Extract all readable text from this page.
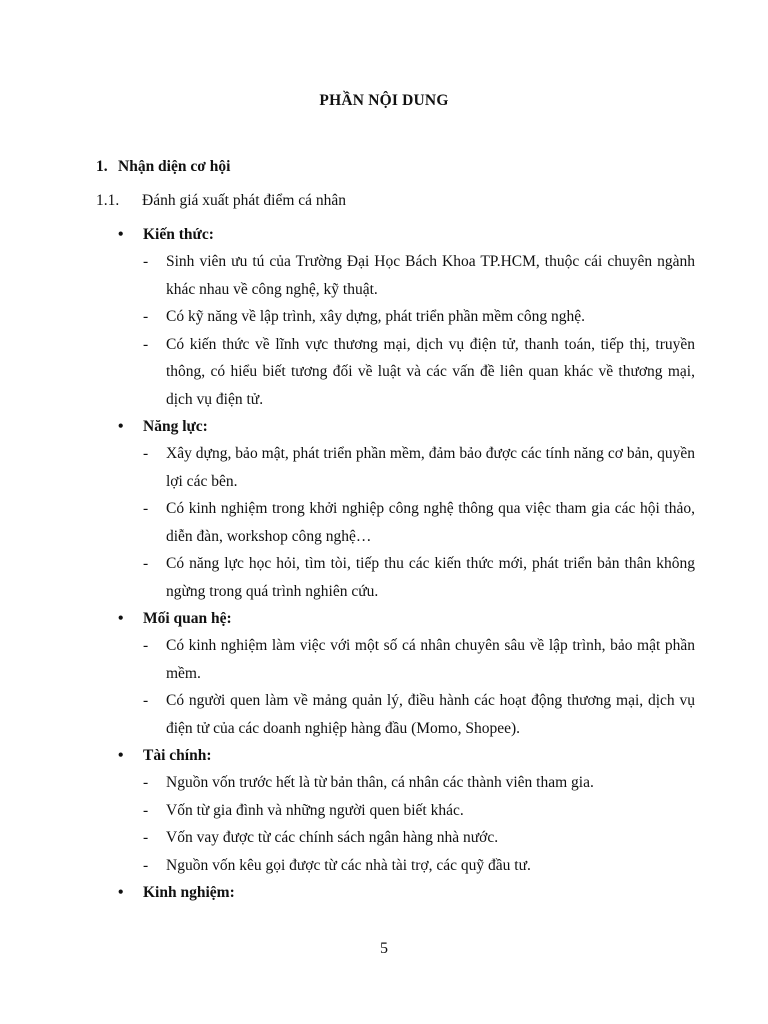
PHẦN NỘI DUNG
1. Nhận diện cơ hội
1.1. Đánh giá xuất phát điểm cá nhân
• Kiến thức:
- Sinh viên ưu tú của Trường Đại Học Bách Khoa TP.HCM, thuộc cái chuyên ngành khác nhau về công nghệ, kỹ thuật.
- Có kỹ năng về lập trình, xây dựng, phát triển phần mềm công nghệ.
- Có kiến thức về lĩnh vực thương mại, dịch vụ điện tử, thanh toán, tiếp thị, truyền thông, có hiểu biết tương đối về luật và các vấn đề liên quan khác về thương mại, dịch vụ điện tử.
• Năng lực:
- Xây dựng, bảo mật, phát triển phần mềm, đảm bảo được các tính năng cơ bản, quyền lợi các bên.
- Có kinh nghiệm trong khởi nghiệp công nghệ thông qua việc tham gia các hội thảo, diễn đàn, workshop công nghệ…
- Có năng lực học hỏi, tìm tòi, tiếp thu các kiến thức mới, phát triển bản thân không ngừng trong quá trình nghiên cứu.
• Mối quan hệ:
- Có kinh nghiệm làm việc với một số cá nhân chuyên sâu về lập trình, bảo mật phần mềm.
- Có người quen làm về mảng quản lý, điều hành các hoạt động thương mại, dịch vụ điện tử của các doanh nghiệp hàng đầu (Momo, Shopee).
• Tài chính:
- Nguồn vốn trước hết là từ bản thân, cá nhân các thành viên tham gia.
- Vốn từ gia đình và những người quen biết khác.
- Vốn vay được từ các chính sách ngân hàng nhà nước.
- Nguồn vốn kêu gọi được từ các nhà tài trợ, các quỹ đầu tư.
• Kinh nghiệm:
5
